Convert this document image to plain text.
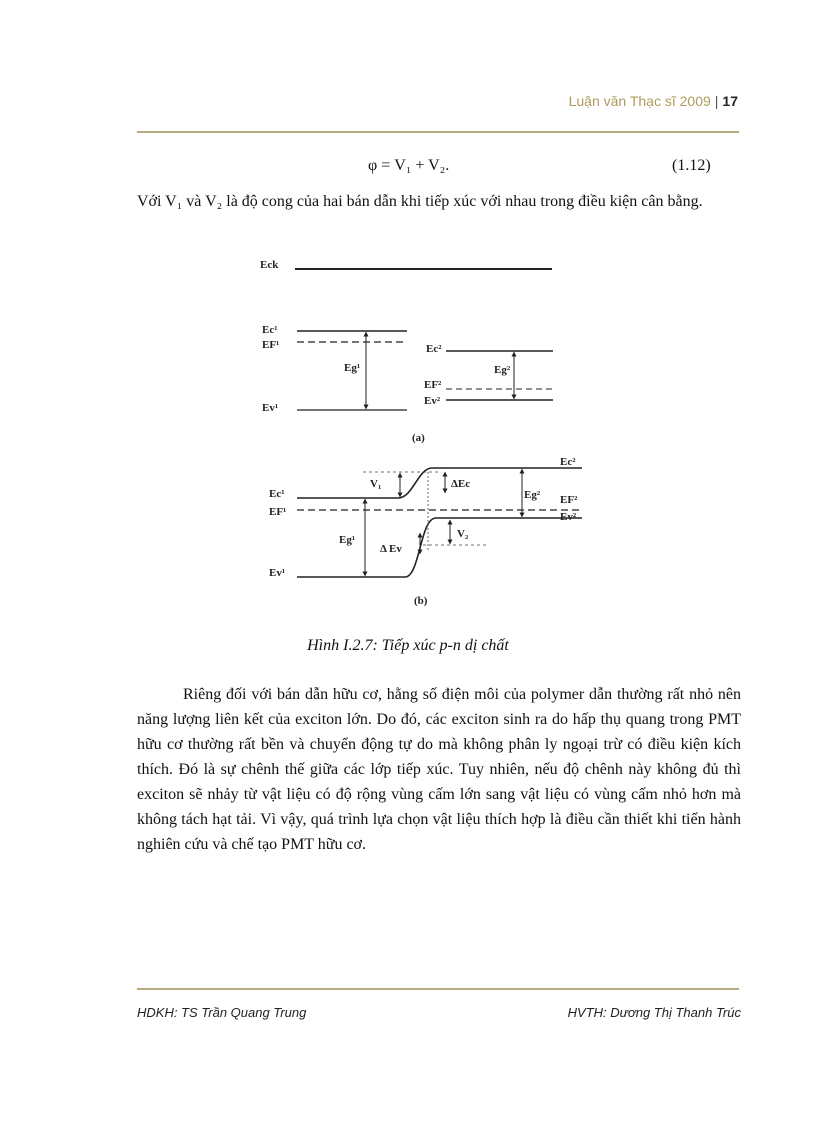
Luận văn Thạc sĩ 2009 | 17
φ = V₁ + V₂.	(1.12)
Với V₁ và V₂ là độ cong của hai bán dẫn khi tiếp xúc với nhau trong điều kiện cân bằng.
Eck
Ec¹
EF¹
Eg¹
Ev¹
Ec²
Eg²
EF²
Ev²
(a)
Ec¹
EF¹
Ev¹
Eg¹
V₁	ΔEc
Ec²
Eg² EF²
Ev²
Δ Ev
V₂
(b)
Hình I.2.7: Tiếp xúc p-n dị chất
Riêng đối với bán dẫn hữu cơ, hằng số điện môi của polymer dẫn thường rất nhỏ nên năng lượng liên kết của exciton lớn. Do đó, các exciton sinh ra do hấp thụ quang trong PMT hữu cơ thường rất bền và chuyển động tự do mà không phân ly ngoại trừ có điều kiện kích thích. Đó là sự chênh thế giữa các lớp tiếp xúc. Tuy nhiên, nếu độ chênh này không đủ thì exciton sẽ nhảy từ vật liệu có độ rộng vùng cấm lớn sang vật liệu có vùng cấm nhỏ hơn mà không tách hạt tải. Vì vậy, quá trình lựa chọn vật liệu thích hợp là điều cần thiết khi tiến hành nghiên cứu và chế tạo PMT hữu cơ.
HDKH: TS Trần Quang Trung	HVTH: Dương Thị Thanh Trúc
